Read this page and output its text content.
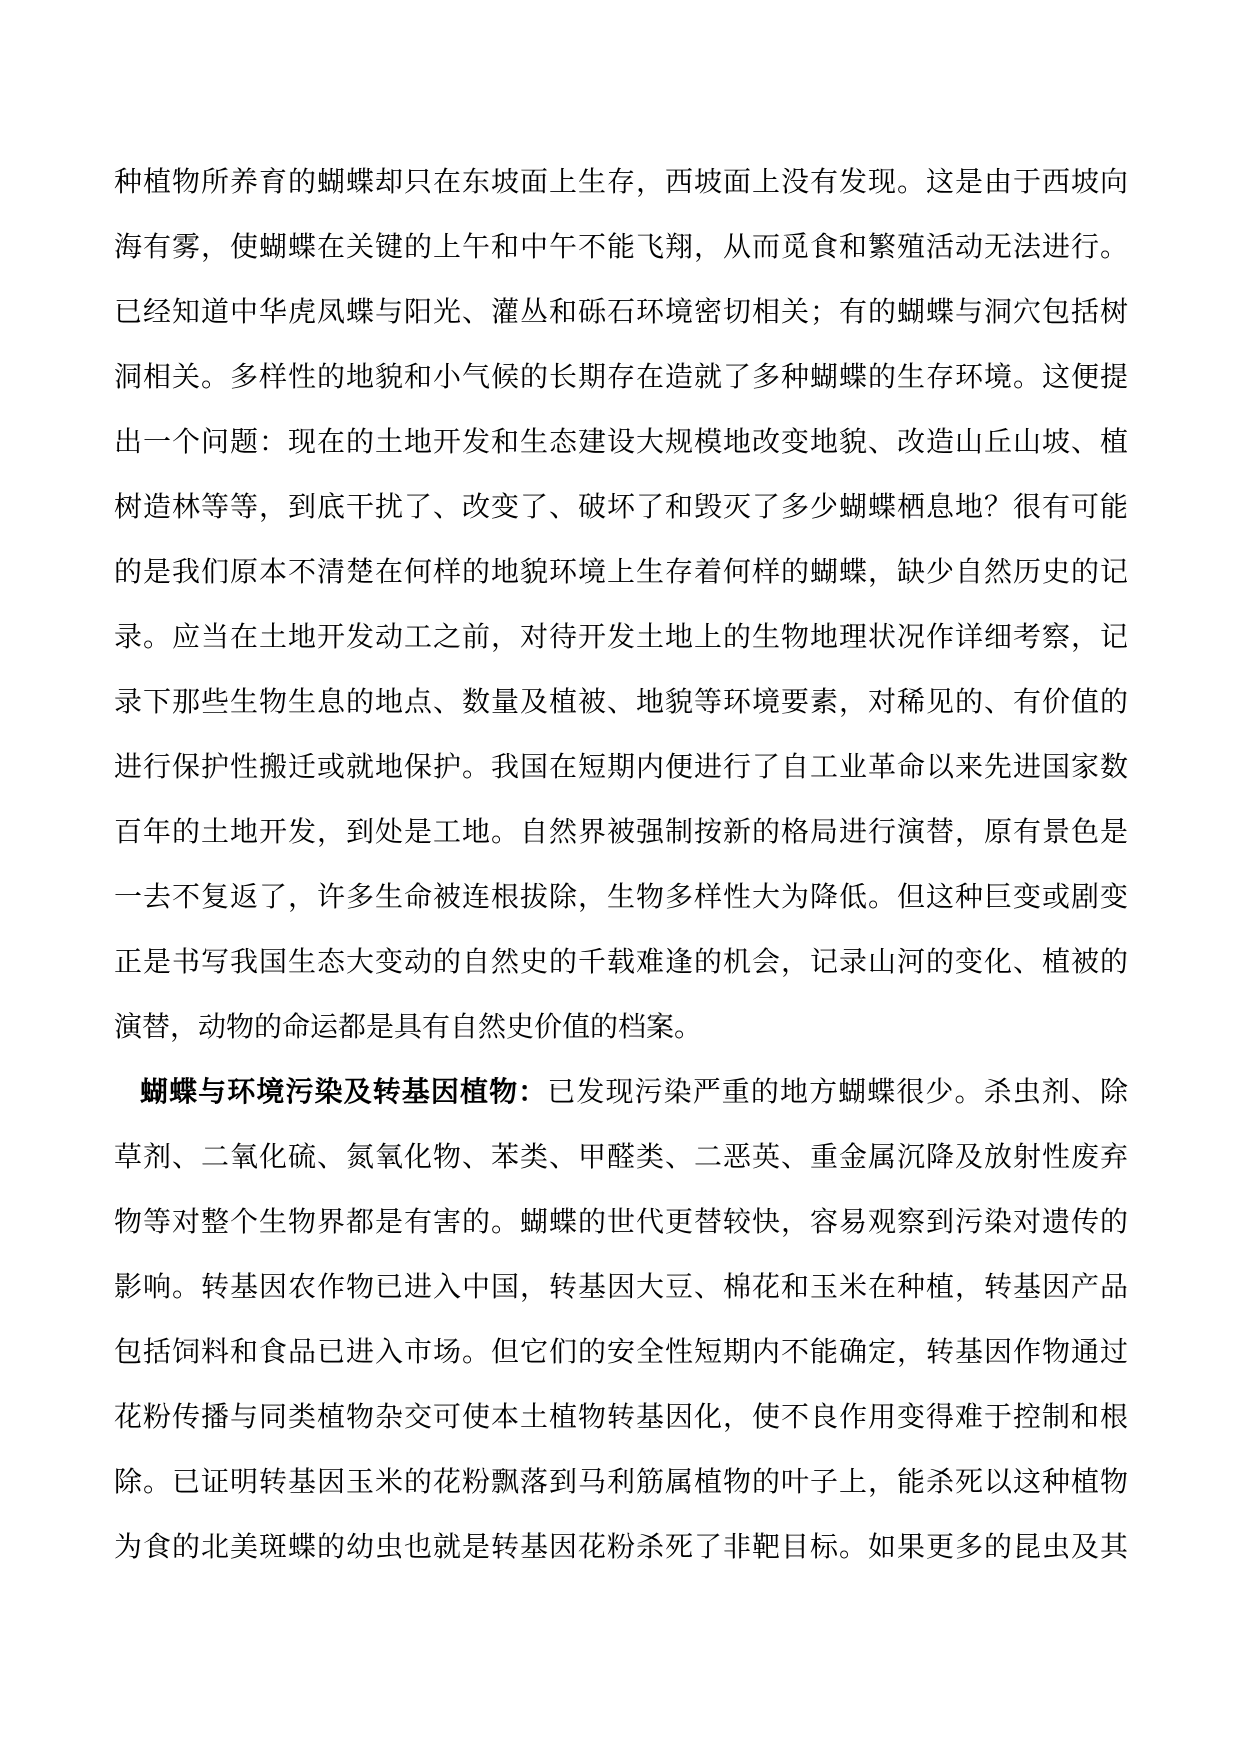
种植物所养育的蝴蝶却只在东坡面上生存，西坡面上没有发现。这是由于西坡向
海有雾，使蝴蝶在关键的上午和中午不能飞翔，从而觅食和繁殖活动无法进行。
已经知道中华虎凤蝶与阳光、灌丛和砾石环境密切相关；有的蝴蝶与洞穴包括树
洞相关。多样性的地貌和小气候的长期存在造就了多种蝴蝶的生存环境。这便提
出一个问题：现在的土地开发和生态建设大规模地改变地貌、改造山丘山坡、植
树造林等等，到底干扰了、改变了、破坏了和毁灭了多少蝴蝶栖息地？很有可能
的是我们原本不清楚在何样的地貌环境上生存着何样的蝴蝶，缺少自然历史的记
录。应当在土地开发动工之前，对待开发土地上的生物地理状况作详细考察，记
录下那些生物生息的地点、数量及植被、地貌等环境要素，对稀见的、有价值的
进行保护性搬迁或就地保护。我国在短期内便进行了自工业革命以来先进国家数
百年的土地开发，到处是工地。自然界被强制按新的格局进行演替，原有景色是
一去不复返了，许多生命被连根拔除，生物多样性大为降低。但这种巨变或剧变
正是书写我国生态大变动的自然史的千载难逢的机会，记录山河的变化、植被的
演替，动物的命运都是具有自然史价值的档案。
蝴蝶与环境污染及转基因植物：已发现污染严重的地方蝴蝶很少。杀虫剂、除
草剂、二氧化硫、氮氧化物、苯类、甲醛类、二恶英、重金属沉降及放射性废弃
物等对整个生物界都是有害的。蝴蝶的世代更替较快，容易观察到污染对遗传的
影响。转基因农作物已进入中国，转基因大豆、棉花和玉米在种植，转基因产品
包括饲料和食品已进入市场。但它们的安全性短期内不能确定，转基因作物通过
花粉传播与同类植物杂交可使本土植物转基因化，使不良作用变得难于控制和根
除。已证明转基因玉米的花粉飘落到马利筋属植物的叶子上，能杀死以这种植物
为食的北美斑蝶的幼虫也就是转基因花粉杀死了非靶目标。如果更多的昆虫及其
